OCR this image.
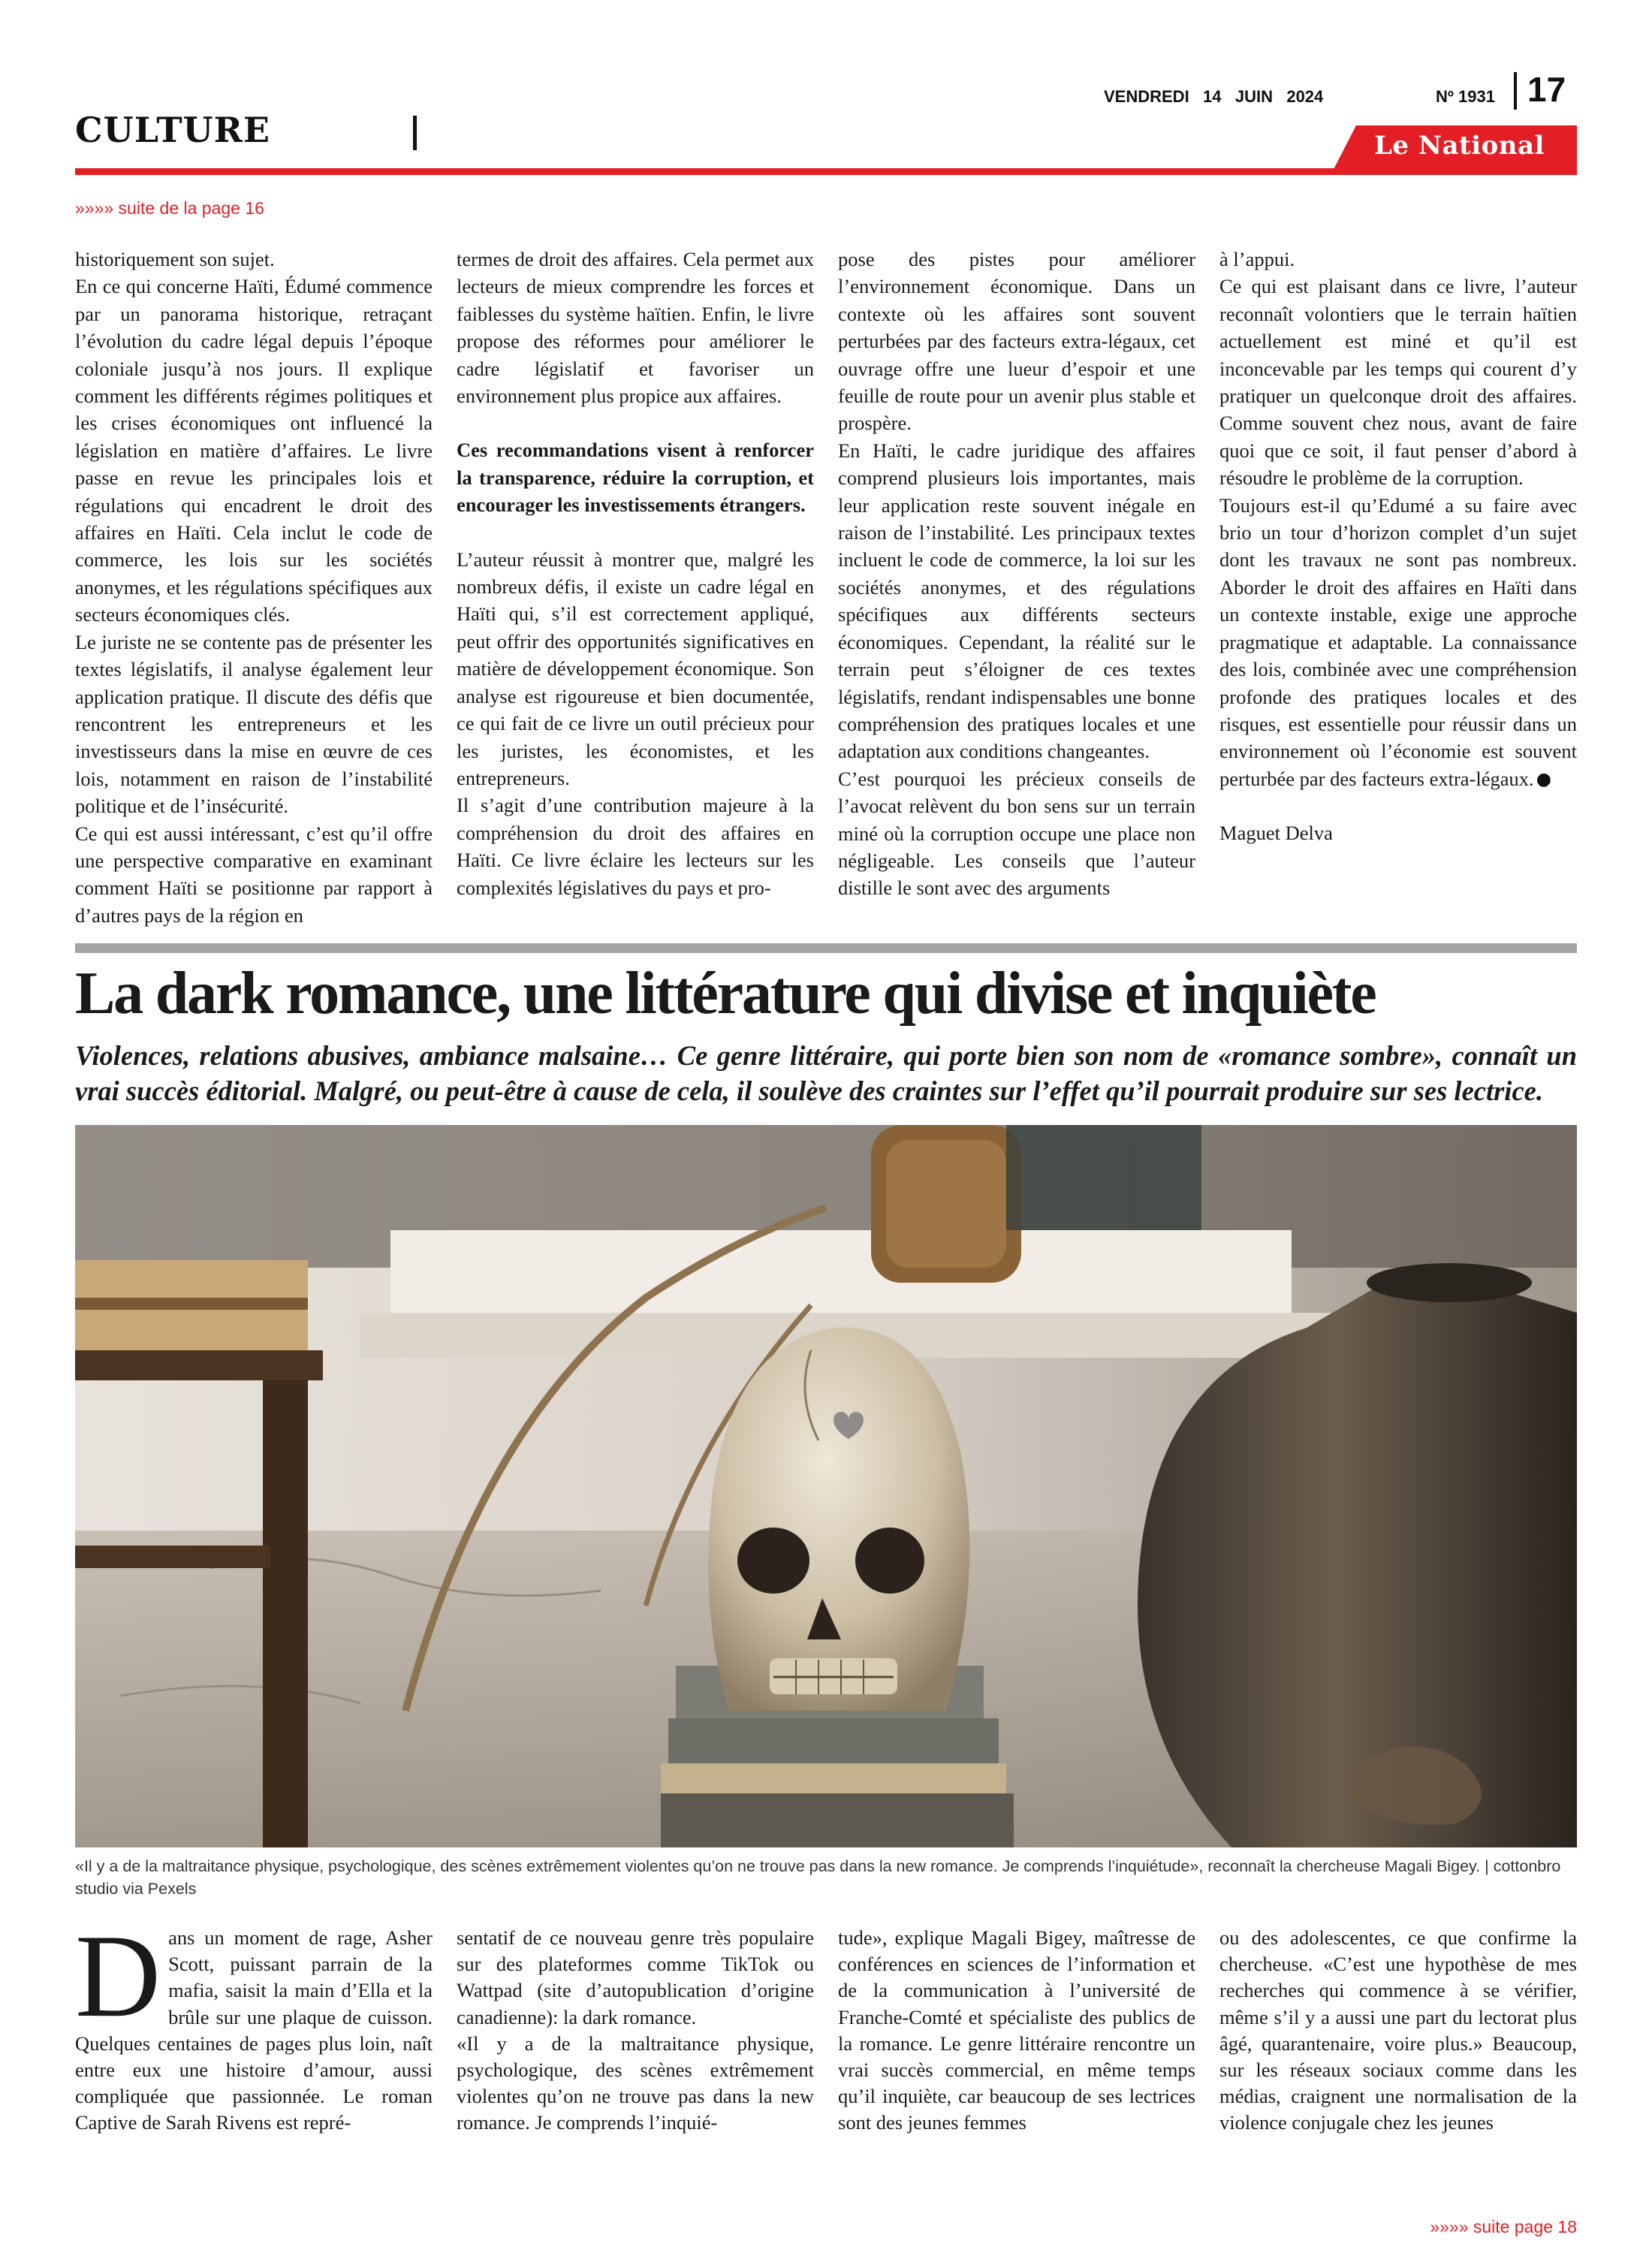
CULTURE
VENDREDI 14 JUIN 2024	Nº 1931 17
Le National
»»»» suite de la page 16

historiquement son sujet.

En ce qui concerne Haïti, Édumé commence par un panorama historique, retraçant l’évolution du cadre légal depuis l’époque coloniale jusqu’à nos jours. Il explique comment les différents régimes politiques et les crises économiques ont influencé la législation en matière d’affaires. Le livre passe en revue les principales lois et régulations qui encadrent le droit des affaires en Haïti. Cela inclut le code de commerce, les lois sur les sociétés anonymes, et les régulations spécifiques aux secteurs économiques clés.

Le juriste ne se contente pas de présenter les textes législatifs, il analyse également leur application pratique. Il discute des défis que rencontrent les entrepreneurs et les investisseurs dans la mise en œuvre de ces lois, notamment en raison de l’instabilité politique et de l’insécurité.

Ce qui est aussi intéressant, c’est qu’il offre une perspective comparative en examinant comment Haïti se positionne par rapport à d’autres pays de la région en

termes de droit des affaires. Cela permet aux lecteurs de mieux comprendre les forces et faiblesses du système haïtien. Enfin, le livre propose des réformes pour améliorer le cadre législatif et favoriser un environnement plus propice aux affaires.

Ces recommandations visent à renforcer la transparence, réduire la corruption, et encourager les investissements étrangers.

L’auteur réussit à montrer que, malgré les nombreux défis, il existe un cadre légal en Haïti qui, s’il est correctement appliqué, peut offrir des opportunités significatives en matière de développement économique. Son analyse est rigoureuse et bien documentée, ce qui fait de ce livre un outil précieux pour les juristes, les économistes, et les entrepreneurs.

Il s’agit d’une contribution majeure à la compréhension du droit des affaires en Haïti. Ce livre éclaire les lecteurs sur les complexités législatives du pays et pro-

pose des pistes pour améliorer l’environnement économique. Dans un contexte où les affaires sont souvent perturbées par des facteurs extra-légaux, cet ouvrage offre une lueur d’espoir et une feuille de route pour un avenir plus stable et prospère.

En Haïti, le cadre juridique des affaires comprend plusieurs lois importantes, mais leur application reste souvent inégale en raison de l’instabilité. Les principaux textes incluent le code de commerce, la loi sur les sociétés anonymes, et des régulations spécifiques aux différents secteurs économiques. Cependant, la réalité sur le terrain peut s’éloigner de ces textes législatifs, rendant indispensables une bonne compréhension des pratiques locales et une adaptation aux conditions changeantes.

C’est pourquoi les précieux conseils de l’avocat relèvent du bon sens sur un terrain miné où la corruption occupe une place non négligeable. Les conseils que l’auteur distille le sont avec des arguments

à l’appui.

Ce qui est plaisant dans ce livre, l’auteur reconnaît volontiers que le terrain haïtien actuellement est miné et qu’il est inconcevable par les temps qui courent d’y pratiquer un quelconque droit des affaires. Comme souvent chez nous, avant de faire quoi que ce soit, il faut penser d’abord à résoudre le problème de la corruption.

Toujours est-il qu’Edumé a su faire avec brio un tour d’horizon complet d’un sujet dont les travaux ne sont pas nombreux. Aborder le droit des affaires en Haïti dans un contexte instable, exige une approche pragmatique et adaptable. La connaissance des lois, combinée avec une compréhension profonde des pratiques locales et des risques, est essentielle pour réussir dans un environnement où l’économie est souvent perturbée par des facteurs extra-légaux.

Maguet Delva

La dark romance, une littérature qui divise et inquiète
Violences, relations abusives, ambiance malsaine… Ce genre littéraire, qui porte bien son nom de «romance sombre», connaît un vrai succès éditorial. Malgré, ou peut-être à cause de cela, il soulève des craintes sur l’effet qu’il pourrait produire sur ses lectrice.
«Il y a de la maltraitance physique, psychologique, des scènes extrêmement violentes qu’on ne trouve pas dans la new romance. Je comprends l’inquiétude», reconnaît la chercheuse Magali Bigey. | cottonbro studio via Pexels

Dans un moment de rage, Asher Scott, puissant parrain de la mafia, saisit la main d’Ella et la brûle sur une plaque de cuisson. Quelques centaines de pages plus loin, naît entre eux une histoire d’amour, aussi compliquée que passionnée. Le roman Captive de Sarah Rivens est repré-

sentatif de ce nouveau genre très populaire sur des plateformes comme TikTok ou Wattpad (site d’autopublication d’origine canadienne): la dark romance.

«Il y a de la maltraitance physique, psychologique, des scènes extrêmement violentes qu’on ne trouve pas dans la new romance. Je comprends l’inquié-

tude», explique Magali Bigey, maîtresse de conférences en sciences de l’information et de la communication à l’université de Franche-Comté et spécialiste des publics de la romance. Le genre littéraire rencontre un vrai succès commercial, en même temps qu’il inquiète, car beaucoup de ses lectrices sont des jeunes femmes

ou des adolescentes, ce que confirme la chercheuse. «C’est une hypothèse de mes recherches qui commence à se vérifier, même s’il y a aussi une part du lectorat plus âgé, quarantenaire, voire plus.» Beaucoup, sur les réseaux sociaux comme dans les médias, craignent une normalisation de la violence conjugale chez les jeunes

»»»» suite page 18
